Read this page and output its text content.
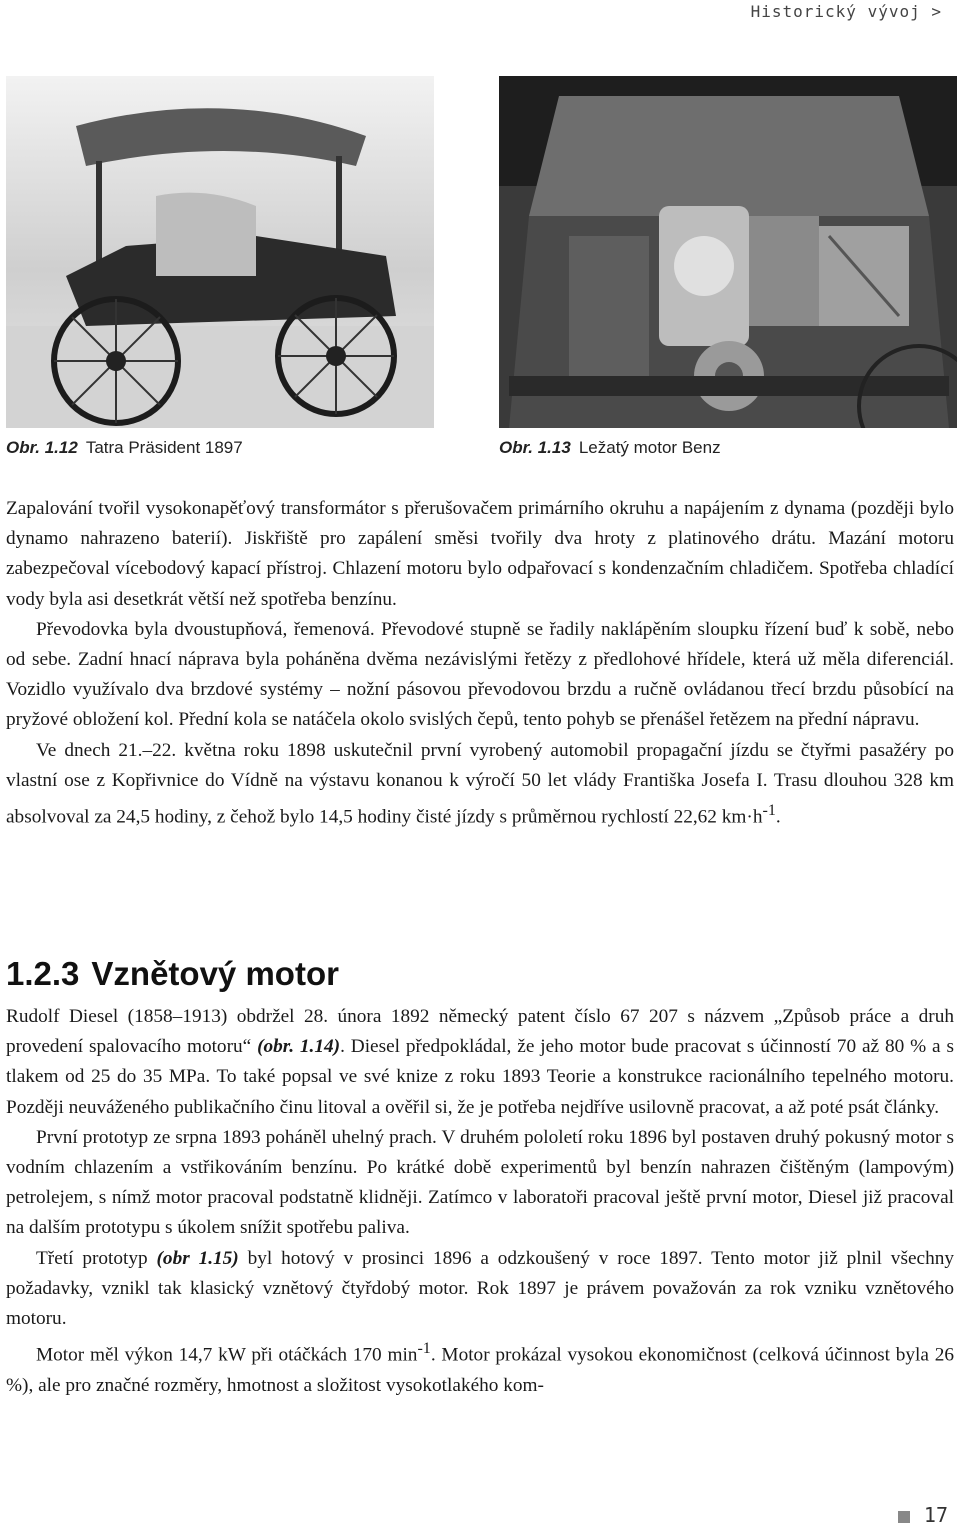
Historický vývoj >
Obr. 1.12 Tatra Präsident 1897	Obr. 1.13 Ležatý motor Benz

Zapalování tvořil vysokonapěťový transformátor s přerušovačem primárního okruhu a napájením z dynama (později bylo dynamo nahrazeno baterií). Jiskřiště pro zapálení směsi tvořily dva hroty z platinového drátu. Mazání motoru zabezpečoval vícebodový kapací přístroj. Chlazení motoru bylo odpařovací s kondenzačním chladičem. Spotřeba chladící vody byla asi desetkrát větší než spotřeba benzínu.

Převodovka byla dvoustupňová, řemenová. Převodové stupně se řadily naklápěním sloupku řízení buď k sobě, nebo od sebe. Zadní hnací náprava byla poháněna dvěma nezávislými řetězy z předlohové hřídele, která už měla diferenciál. Vozidlo využívalo dva brzdové systémy – nožní pásovou převodovou brzdu a ručně ovládanou třecí brzdu působící na pryžové obložení kol. Přední kola se natáčela okolo svislých čepů, tento pohyb se přenášel řetězem na přední nápravu.

Ve dnech 21.–22. května roku 1898 uskutečnil první vyrobený automobil propagační jízdu se čtyřmi pasažéry po vlastní ose z Kopřivnice do Vídně na výstavu konanou k výročí 50 let vlády Františka Josefa I. Trasu dlouhou 328 km absolvoval za 24,5 hodiny, z čehož bylo 14,5 hodiny čisté jízdy s průměrnou rychlostí 22,62 $km\cdot h^{-1}$.

1.2.3 Vznětový motor

Rudolf Diesel (1858–1913) obdržel 28. února 1892 německý patent číslo 67 207 s názvem „Způsob práce a druh provedení spalovacího motoru“ (obr. 1.14). Diesel předpokládal, že jeho motor bude pracovat s účinností 70 až 80 % a s tlakem od 25 do 35 MPa. To také popsal ve své knize z roku 1893 Teorie a konstrukce racionálního tepelného motoru. Později neuváženého publikačního činu litoval a ověřil si, že je potřeba nejdříve usilovně pracovat, a až poté psát články.

První prototyp ze srpna 1893 poháněl uhelný prach. V druhém pololetí roku 1896 byl postaven druhý pokusný motor s vodním chlazením a vstřikováním benzínu. Po krátké době experimentů byl benzín nahrazen čištěným (lampovým) petrolejem, s nímž motor pracoval podstatně klidněji. Zatímco v laboratoři pracoval ještě první motor, Diesel již pracoval na dalším prototypu s úkolem snížit spotřebu paliva.

Třetí prototyp (obr 1.15) byl hotový v prosinci 1896 a odzkoušený v roce 1897. Tento motor již plnil všechny požadavky, vznikl tak klasický vznětový čtyřdobý motor. Rok 1897 je právem považován za rok vzniku vznětového motoru.

Motor měl výkon 14,7 kW při otáčkách 170 $\min^{-1}$. Motor prokázal vysokou ekonomičnost (celková účinnost byla 26 %), ale pro značné rozměry, hmotnost a složitost vysokotlakého kom-

17
